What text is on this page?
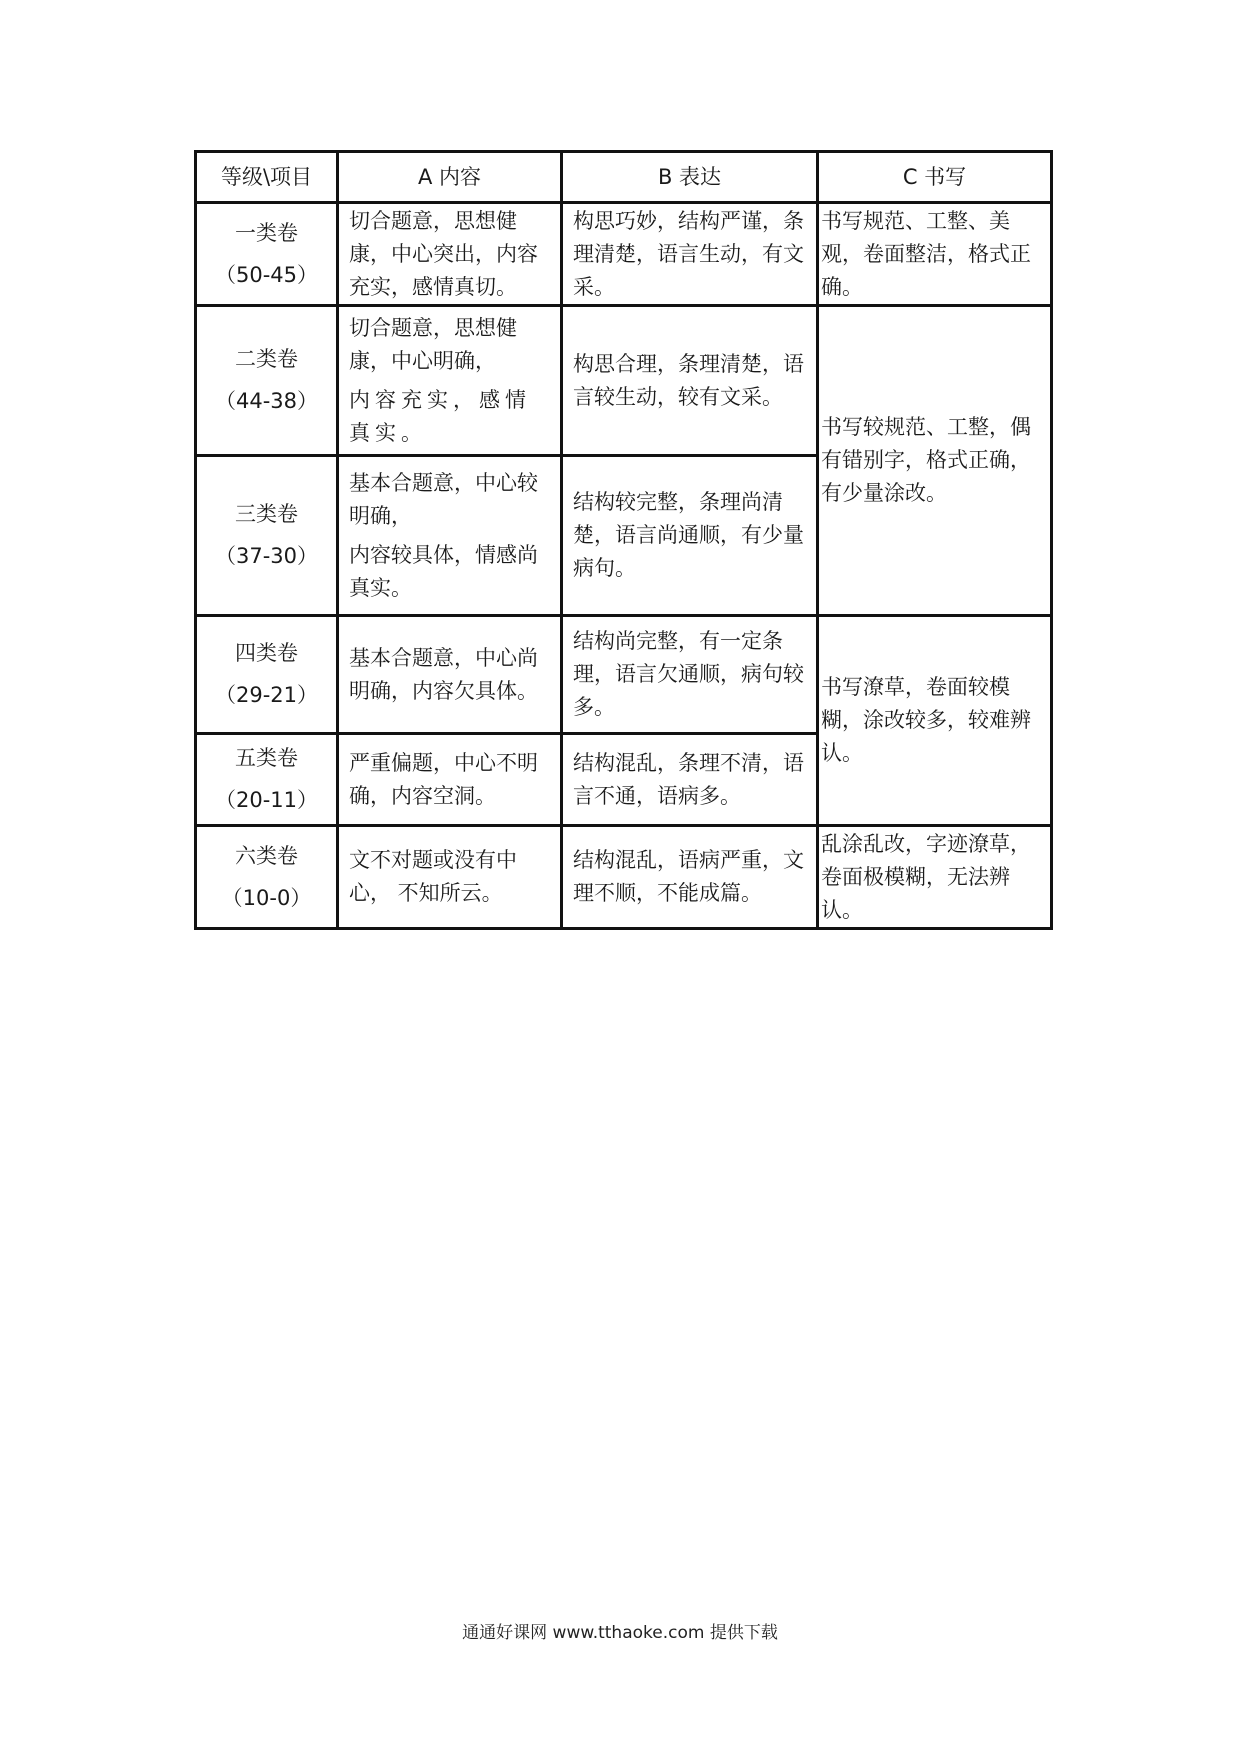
等级\项目	A 内容	B 表达	C 书写

一类卷
（50-45）	切合题意，思想健康，中心突出，内容充实，感情真切。	构思巧妙，结构严谨，条理清楚，语言生动，有文采。	书写规范、工整、美观，卷面整洁，格式正确。

二类卷
（44-38）	切合题意，思想健康，中心明确，
内容充实，感情真实。	构思合理，条理清楚，语言较生动，较有文采。	书写较规范、工整，偶有错别字，格式正确，有少量涂改。

三类卷
（37-30）	基本合题意，中心较明确，
内容较具体，情感尚真实。	结构较完整，条理尚清楚，语言尚通顺，有少量病句。	

四类卷
（29-21）	基本合题意，中心尚明确，内容欠具体。	结构尚完整，有一定条理，语言欠通顺，病句较多。	书写潦草，卷面较模糊，涂改较多，较难辨认。

五类卷
（20-11）	严重偏题，中心不明确，内容空洞。	结构混乱，条理不清，语言不通，语病多。	

六类卷
（10-0）	文不对题或没有中心， 不知所云。	结构混乱，语病严重，文理不顺，不能成篇。	乱涂乱改，字迹潦草，卷面极模糊，无法辨认。
通通好课网 www.tthaoke.com 提供下载
